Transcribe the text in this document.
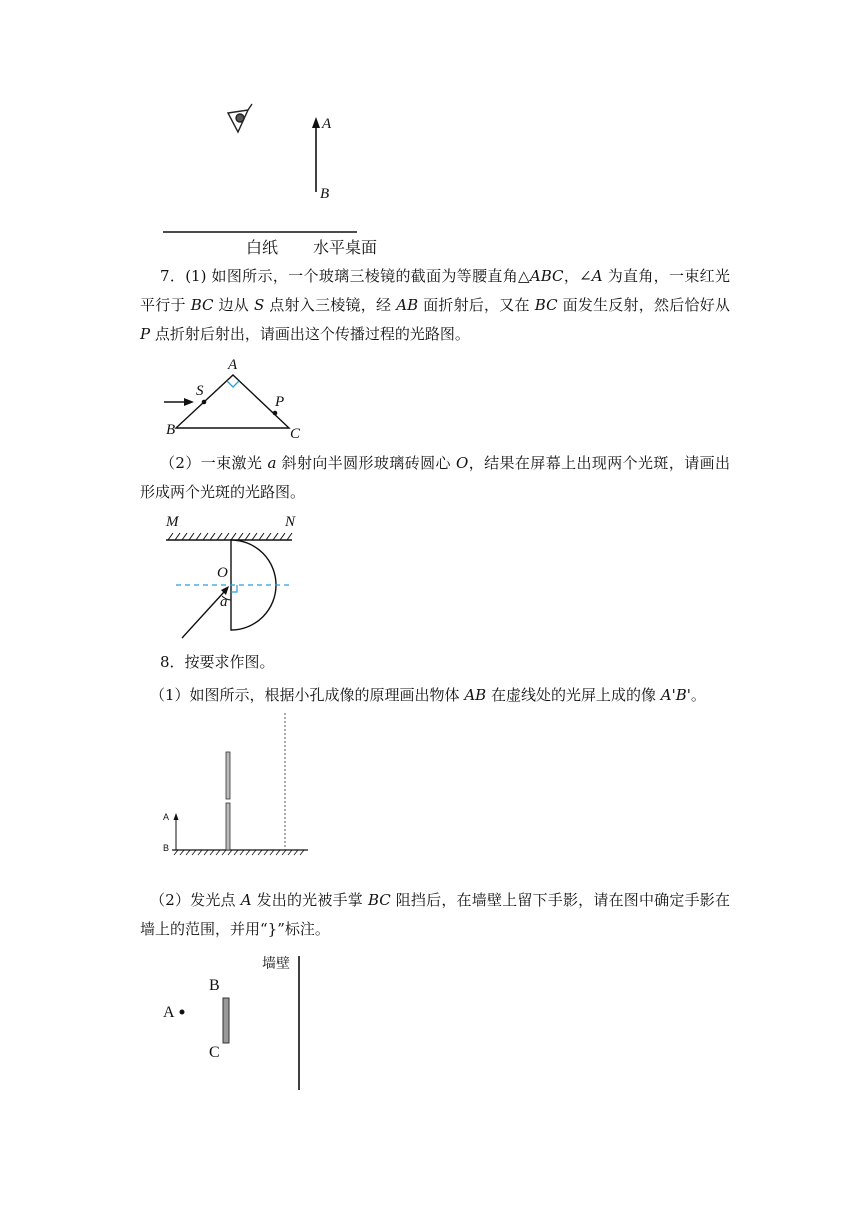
A
B
白纸 水平桌面

7．(1) 如图所示，一个玻璃三棱镜的截面为等腰直角△ABC，∠A 为直角，一束红光平行于 BC 边从 S 点射入三棱镜，经 AB 面折射后，又在 BC 面发生反射，然后恰好从 P 点折射后射出，请画出这个传播过程的光路图。

A
B	C
S
P

（2）一束激光 a 斜射向半圆形玻璃砖圆心 O，结果在屏幕上出现两个光斑，请画出形成两个光斑的光路图。

M	N
O
a

8．按要求作图。

（1）如图所示，根据小孔成像的原理画出物体 AB 在虚线处的光屏上成的像 A'B'。

A
B

（2）发光点 A 发出的光被手掌 BC 阻挡后，在墙壁上留下手影，请在图中确定手影在墙上的范围，并用“}”标注。

墙壁
A
B
C
